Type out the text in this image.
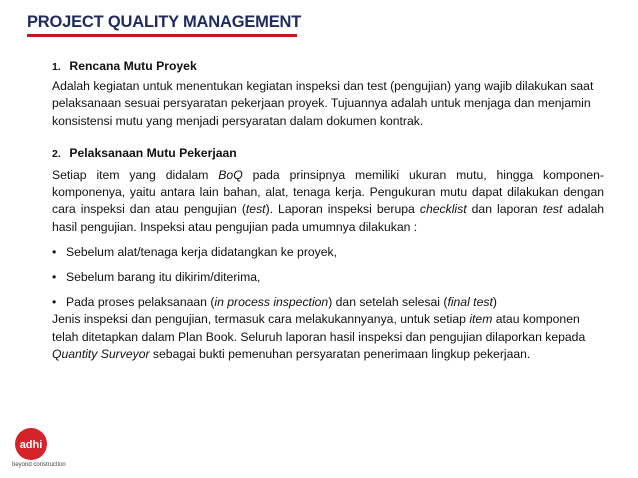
PROJECT QUALITY MANAGEMENT

1. Rencana Mutu Proyek

Adalah kegiatan untuk menentukan kegiatan inspeksi dan test (pengujian) yang wajib dilakukan saat pelaksanaan sesuai persyaratan pekerjaan proyek. Tujuannya adalah untuk menjaga dan menjamin konsistensi mutu yang menjadi persyaratan dalam dokumen kontrak.

2. Pelaksanaan Mutu Pekerjaan

Setiap item yang didalam BoQ pada prinsipnya memiliki ukuran mutu, hingga komponen-komponenya, yaitu antara lain bahan, alat, tenaga kerja. Pengukuran mutu dapat dilakukan dengan cara inspeksi dan atau pengujian (test). Laporan inspeksi berupa checklist dan laporan test adalah hasil pengujian. Inspeksi atau pengujian pada umumnya dilakukan :

• Sebelum alat/tenaga kerja didatangkan ke proyek,
• Sebelum barang itu dikirim/diterima,
• Pada proses pelaksanaan (in process inspection) dan setelah selesai (final test)

Jenis inspeksi dan pengujian, termasuk cara melakukannyanya, untuk setiap item atau komponen telah ditetapkan dalam Plan Book. Seluruh laporan hasil inspeksi dan pengujian dilaporkan kepada Quantity Surveyor sebagai bukti pemenuhan persyaratan penerimaan lingkup pekerjaan.

adhi
beyond construction
